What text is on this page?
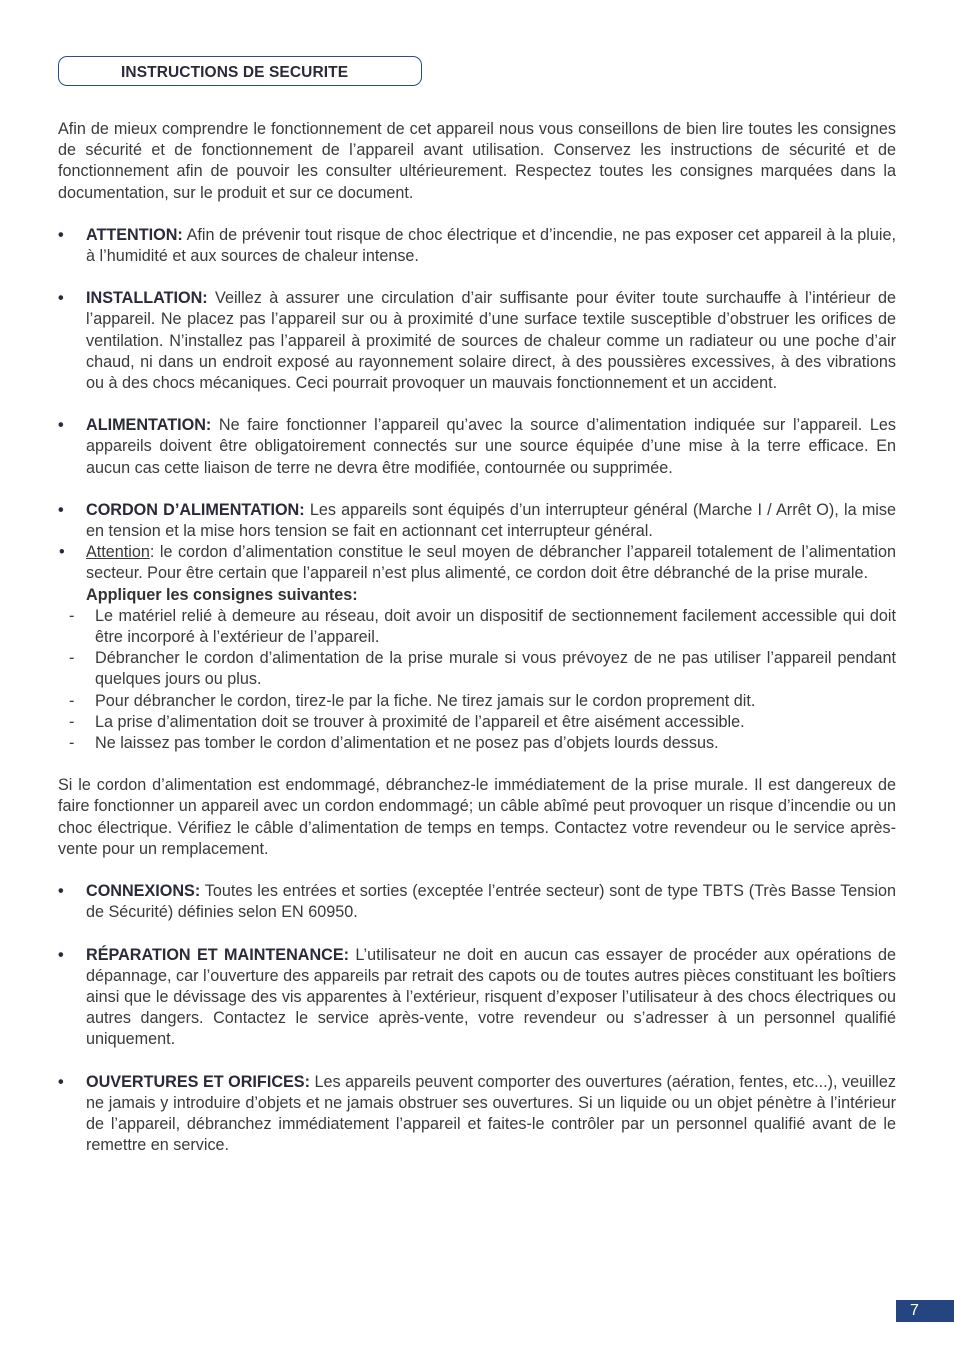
INSTRUCTIONS DE SECURITE

Afin de mieux comprendre le fonctionnement de cet appareil nous vous conseillons de bien lire toutes les consignes de sécurité et de fonctionnement de l’appareil avant utilisation. Conservez les instructions de sécurité et de fonctionnement afin de pouvoir les consulter ultérieurement. Respectez toutes les consignes marquées dans la documentation, sur le produit et sur ce document.

• ATTENTION: Afin de prévenir tout risque de choc électrique et d’incendie, ne pas exposer cet appareil à la pluie, à l’humidité et aux sources de chaleur intense.

• INSTALLATION: Veillez à assurer une circulation d’air suffisante pour éviter toute surchauffe à l’intérieur de l’appareil. Ne placez pas l’appareil sur ou à proximité d’une surface textile susceptible d’obstruer les orifices de ventilation. N’installez pas l’appareil à proximité de sources de chaleur comme un radiateur ou une poche d’air chaud, ni dans un endroit exposé au rayonnement solaire direct, à des poussières excessives, à des vibrations ou à des chocs mécaniques. Ceci pourrait provoquer un mauvais fonctionnement et un accident.

• ALIMENTATION: Ne faire fonctionner l’appareil qu’avec la source d’alimentation indiquée sur l’appareil. Les appareils doivent être obligatoirement connectés sur une source équipée d’une mise à la terre efficace. En aucun cas cette liaison de terre ne devra être modifiée, contournée ou supprimée.

• CORDON D’ALIMENTATION: Les appareils sont équipés d’un interrupteur général (Marche I / Arrêt O), la mise en tension et la mise hors tension se fait en actionnant cet interrupteur général.

• Attention: le cordon d’alimentation constitue le seul moyen de débrancher l’appareil totalement de l’alimentation secteur. Pour être certain que l’appareil n’est plus alimenté, ce cordon doit être débranché de la prise murale.

Appliquer les consignes suivantes:

- Le matériel relié à demeure au réseau, doit avoir un dispositif de sectionnement facilement accessible qui doit être incorporé à l’extérieur de l’appareil.

- Débrancher le cordon d’alimentation de la prise murale si vous prévoyez de ne pas utiliser l’appareil pendant quelques jours ou plus.

- Pour débrancher le cordon, tirez-le par la fiche. Ne tirez jamais sur le cordon proprement dit.

- La prise d’alimentation doit se trouver à proximité de l’appareil et être aisément accessible.

- Ne laissez pas tomber le cordon d’alimentation et ne posez pas d’objets lourds dessus.

Si le cordon d’alimentation est endommagé, débranchez-le immédiatement de la prise murale. Il est dangereux de faire fonctionner un appareil avec un cordon endommagé; un câble abîmé peut provoquer un risque d’incendie ou un choc électrique. Vérifiez le câble d’alimentation de temps en temps. Contactez votre revendeur ou le service après-vente pour un remplacement.

• CONNEXIONS: Toutes les entrées et sorties (exceptée l’entrée secteur) sont de type TBTS (Très Basse Tension de Sécurité) définies selon EN 60950.

• RÉPARATION ET MAINTENANCE: L’utilisateur ne doit en aucun cas essayer de procéder aux opérations de dépannage, car l’ouverture des appareils par retrait des capots ou de toutes autres pièces constituant les boîtiers ainsi que le dévissage des vis apparentes à l’extérieur, risquent d’exposer l’utilisateur à des chocs électriques ou autres dangers. Contactez le service après-vente, votre revendeur ou s’adresser à un personnel qualifié uniquement.

• OUVERTURES ET ORIFICES: Les appareils peuvent comporter des ouvertures (aération, fentes, etc...), veuillez ne jamais y introduire d’objets et ne jamais obstruer ses ouvertures. Si un liquide ou un objet pénètre à l’intérieur de l’appareil, débranchez immédiatement l’appareil et faites-le contrôler par un personnel qualifié avant de le remettre en service.

7
